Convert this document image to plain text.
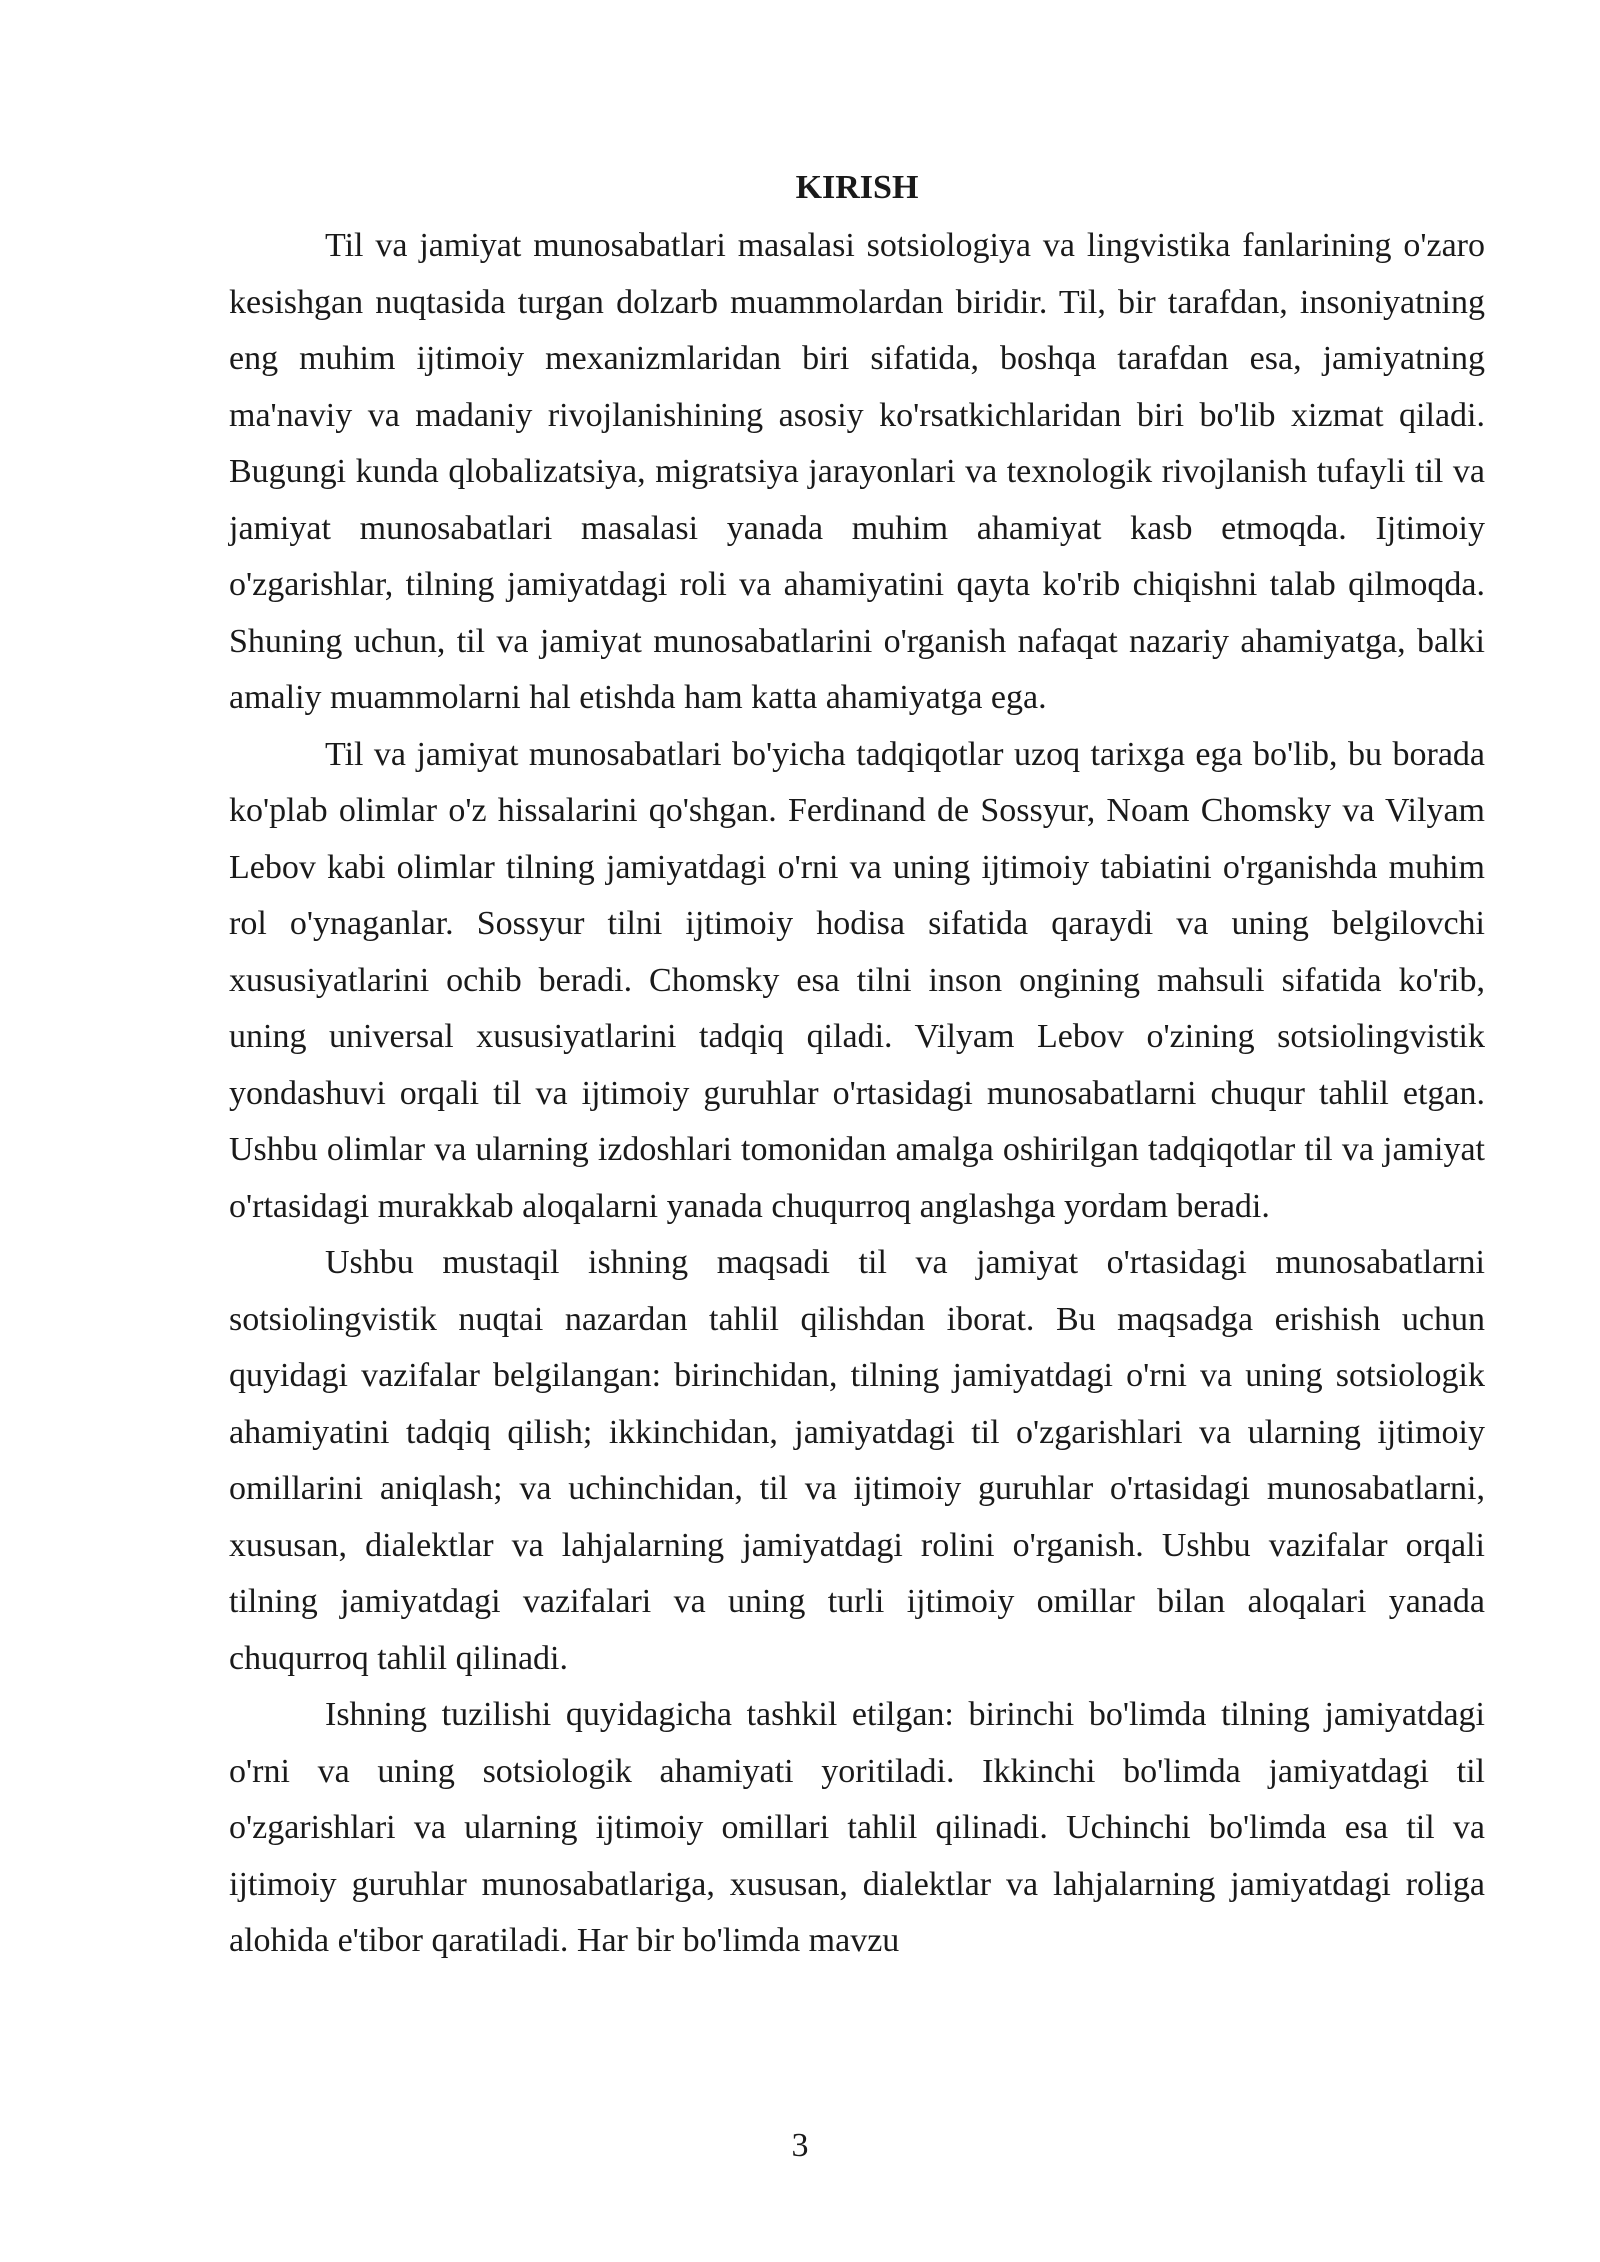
KIRISH

Til va jamiyat munosabatlari masalasi sotsiologiya va lingvistika fanlarining o'zaro kesishgan nuqtasida turgan dolzarb muammolardan biridir. Til, bir tarafdan, insoniyatning eng muhim ijtimoiy mexanizmlaridan biri sifatida, boshqa tarafdan esa, jamiyatning ma'naviy va madaniy rivojlanishining asosiy ko'rsatkichlaridan biri bo'lib xizmat qiladi. Bugungi kunda qlobalizatsiya, migratsiya jarayonlari va texnologik rivojlanish tufayli til va jamiyat munosabatlari masalasi yanada muhim ahamiyat kasb etmoqda. Ijtimoiy o'zgarishlar, tilning jamiyatdagi roli va ahamiyatini qayta ko'rib chiqishni talab qilmoqda. Shuning uchun, til va jamiyat munosabatlarini o'rganish nafaqat nazariy ahamiyatga, balki amaliy muammolarni hal etishda ham katta ahamiyatga ega.

Til va jamiyat munosabatlari bo'yicha tadqiqotlar uzoq tarixga ega bo'lib, bu borada ko'plab olimlar o'z hissalarini qo'shgan. Ferdinand de Sossyur, Noam Chomsky va Vilyam Lebov kabi olimlar tilning jamiyatdagi o'rni va uning ijtimoiy tabiatini o'rganishda muhim rol o'ynaganlar. Sossyur tilni ijtimoiy hodisa sifatida qaraydi va uning belgilovchi xususiyatlarini ochib beradi. Chomsky esa tilni inson ongining mahsuli sifatida ko'rib, uning universal xususiyatlarini tadqiq qiladi. Vilyam Lebov o'zining sotsiolingvistik yondashuvi orqali til va ijtimoiy guruhlar o'rtasidagi munosabatlarni chuqur tahlil etgan. Ushbu olimlar va ularning izdoshlari tomonidan amalga oshirilgan tadqiqotlar til va jamiyat o'rtasidagi murakkab aloqalarni yanada chuqurroq anglashga yordam beradi.

Ushbu mustaqil ishning maqsadi til va jamiyat o'rtasidagi munosabatlarni sotsiolingvistik nuqtai nazardan tahlil qilishdan iborat. Bu maqsadga erishish uchun quyidagi vazifalar belgilangan: birinchidan, tilning jamiyatdagi o'rni va uning sotsiologik ahamiyatini tadqiq qilish; ikkinchidan, jamiyatdagi til o'zgarishlari va ularning ijtimoiy omillarini aniqlash; va uchinchidan, til va ijtimoiy guruhlar o'rtasidagi munosabatlarni, xususan, dialektlar va lahjalarning jamiyatdagi rolini o'rganish. Ushbu vazifalar orqali tilning jamiyatdagi vazifalari va uning turli ijtimoiy omillar bilan aloqalari yanada chuqurroq tahlil qilinadi.

Ishning tuzilishi quyidagicha tashkil etilgan: birinchi bo'limda tilning jamiyatdagi o'rni va uning sotsiologik ahamiyati yoritiladi. Ikkinchi bo'limda jamiyatdagi til o'zgarishlari va ularning ijtimoiy omillari tahlil qilinadi. Uchinchi bo'limda esa til va ijtimoiy guruhlar munosabatlariga, xususan, dialektlar va lahjalarning jamiyatdagi roliga alohida e'tibor qaratiladi. Har bir bo'limda mavzu

3
